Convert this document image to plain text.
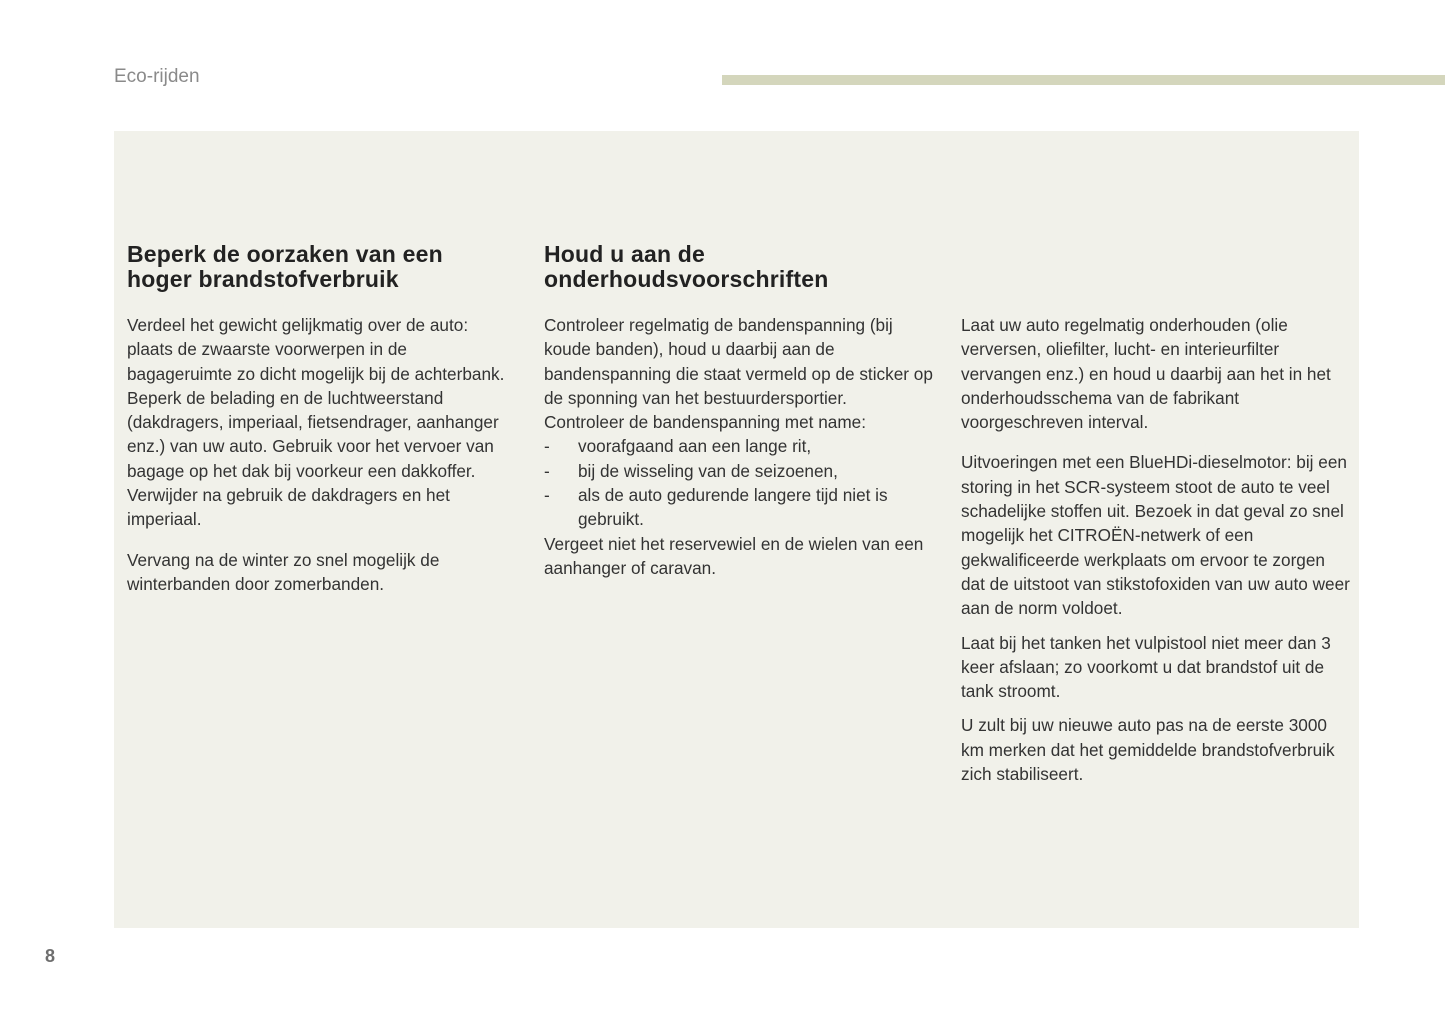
Eco-rijden
Beperk de oorzaken van een
hoger brandstofverbruik

Verdeel het gewicht gelijkmatig over de auto: plaats de zwaarste voorwerpen in de bagageruimte zo dicht mogelijk bij de achterbank.

Beperk de belading en de luchtweerstand (dakdragers, imperiaal, fietsendrager, aanhanger enz.) van uw auto. Gebruik voor het vervoer van bagage op het dak bij voorkeur een dakkoffer.

Verwijder na gebruik de dakdragers en het imperiaal.

Vervang na de winter zo snel mogelijk de winterbanden door zomerbanden.

Houd u aan de
onderhoudsvoorschriften

Controleer regelmatig de bandenspanning (bij koude banden), houd u daarbij aan de bandenspanning die staat vermeld op de sticker op de sponning van het bestuurdersportier.

Controleer de bandenspanning met name:

- voorafgaand aan een lange rit,
- bij de wisseling van de seizoenen,
- als de auto gedurende langere tijd niet is gebruikt.

Vergeet niet het reservewiel en de wielen van een aanhanger of caravan.

Laat uw auto regelmatig onderhouden (olie verversen, oliefilter, lucht- en interieurfilter vervangen enz.) en houd u daarbij aan het in het onderhoudsschema van de fabrikant voorgeschreven interval.

Uitvoeringen met een BlueHDi-dieselmotor: bij een storing in het SCR-systeem stoot de auto te veel schadelijke stoffen uit. Bezoek in dat geval zo snel mogelijk het CITROËN-netwerk of een gekwalificeerde werkplaats om ervoor te zorgen dat de uitstoot van stikstofoxiden van uw auto weer aan de norm voldoet.

Laat bij het tanken het vulpistool niet meer dan 3 keer afslaan; zo voorkomt u dat brandstof uit de tank stroomt.

U zult bij uw nieuwe auto pas na de eerste 3000 km merken dat het gemiddelde brandstofverbruik zich stabiliseert.

8
